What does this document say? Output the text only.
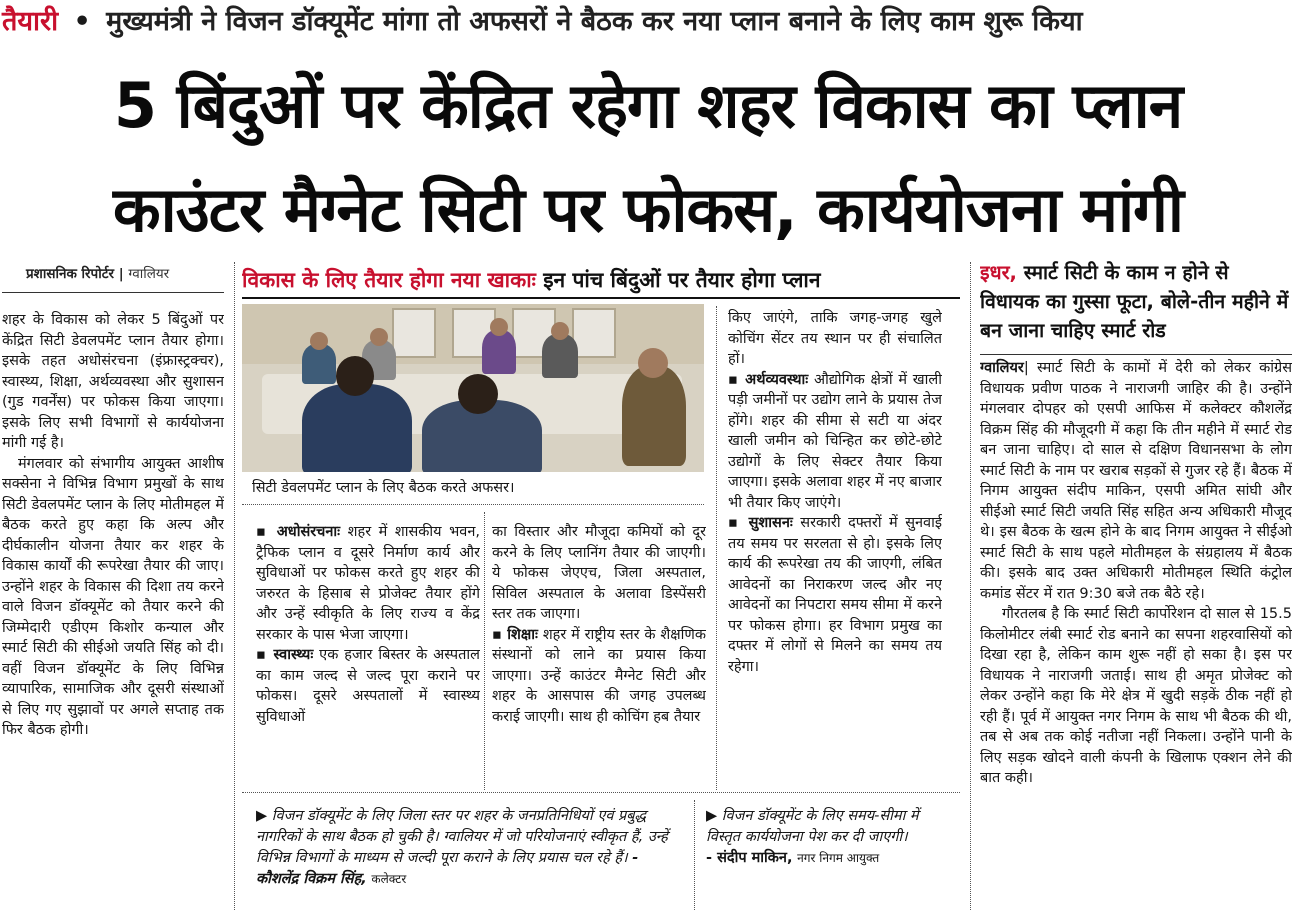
तैयारी • मुख्यमंत्री ने विजन डॉक्यूमेंट मांगा तो अफसरों ने बैठक कर नया प्लान बनाने के लिए काम शुरू किया
5 बिंदुओं पर केंद्रित रहेगा शहर विकास का प्लान
काउंटर मैग्नेट सिटी पर फोकस, कार्ययोजना मांगी
प्रशासनिक रिपोर्टर | ग्वालियर

शहर के विकास को लेकर 5 बिंदुओं पर केंद्रित सिटी डेवलपमेंट प्लान तैयार होगा। इसके तहत अधोसंरचना (इंफ्रास्ट्रक्चर), स्वास्थ्य, शिक्षा, अर्थव्यवस्था और सुशासन (गुड गवर्नेंस) पर फोकस किया जाएगा। इसके लिए सभी विभागों से कार्ययोजना मांगी गई है।

मंगलवार को संभागीय आयुक्त आशीष सक्सेना ने विभिन्न विभाग प्रमुखों के साथ सिटी डेवलपमेंट प्लान के लिए मोतीमहल में बैठक करते हुए कहा कि अल्प और दीर्घकालीन योजना तैयार कर शहर के विकास कार्यों की रूपरेखा तैयार की जाए। उन्होंने शहर के विकास की दिशा तय करने वाले विजन डॉक्यूमेंट को तैयार करने की जिम्मेदारी एडीएम किशोर कन्याल और स्मार्ट सिटी की सीईओ जयति सिंह को दी। वहीं विजन डॉक्यूमेंट के लिए विभिन्न व्यापारिक, सामाजिक और दूसरी संस्थाओं से लिए गए सुझावों पर अगले सप्ताह तक फिर बैठक होगी।

विकास के लिए तैयार होगा नया खाकाः इन पांच बिंदुओं पर तैयार होगा प्लान
सिटी डेवलपमेंट प्लान के लिए बैठक करते अफसर।

▪ अधोसंरचनाः शहर में शासकीय भवन, ट्रैफिक प्लान व दूसरे निर्माण कार्य और सुविधाओं पर फोकस करते हुए शहर की जरुरत के हिसाब से प्रोजेक्ट तैयार होंगे और उन्हें स्वीकृति के लिए राज्य व केंद्र सरकार के पास भेजा जाएगा।

▪ स्वास्थ्यः एक हजार बिस्तर के अस्पताल का काम जल्द से जल्द पूरा कराने पर फोकस। दूसरे अस्पतालों में स्वास्थ्य सुविधाओं

का विस्तार और मौजूदा कमियों को दूर करने के लिए प्लानिंग तैयार की जाएगी। ये फोकस जेएएच, जिला अस्पताल, सिविल अस्पताल के अलावा डिस्पेंसरी स्तर तक जाएगा।

▪ शिक्षाः शहर में राष्ट्रीय स्तर के शैक्षणिक संस्थानों को लाने का प्रयास किया जाएगा। उन्हें काउंटर मैग्नेट सिटी और शहर के आसपास की जगह उपलब्ध कराई जाएगी। साथ ही कोचिंग हब तैयार

किए जाएंगे, ताकि जगह-जगह खुले कोचिंग सेंटर तय स्थान पर ही संचालित हों।

▪ अर्थव्यवस्थाः औद्योगिक क्षेत्रों में खाली पड़ी जमीनों पर उद्योग लाने के प्रयास तेज होंगे। शहर की सीमा से सटी या अंदर खाली जमीन को चिन्हित कर छोटे-छोटे उद्योगों के लिए सेक्टर तैयार किया जाएगा। इसके अलावा शहर में नए बाजार भी तैयार किए जाएंगे।

▪ सुशासनः सरकारी दफ्तरों में सुनवाई तय समय पर सरलता से हो। इसके लिए कार्य की रूपरेखा तय की जाएगी, लंबित आवेदनों का निराकरण जल्द और नए आवेदनों का निपटारा समय सीमा में करने पर फोकस होगा। हर विभाग प्रमुख का दफ्तर में लोगों से मिलने का समय तय रहेगा।

▶ विजन डॉक्यूमेंट के लिए जिला स्तर पर शहर के जनप्रतिनिधियों एवं प्रबुद्ध नागरिकों के साथ बैठक हो चुकी है। ग्वालियर में जो परियोजनाएं स्वीकृत हैं, उन्हें विभिन्न विभागों के माध्यम से जल्दी पूरा कराने के लिए प्रयास चल रहे हैं। - कौशलेंद्र विक्रम सिंह, कलेक्टर
▶ विजन डॉक्यूमेंट के लिए समय-सीमा में विस्तृत कार्ययोजना पेश कर दी जाएगी।
- संदीप माकिन, नगर निगम आयुक्त
इधर, स्मार्ट सिटी के काम न होने से विधायक का गुस्सा फूटा, बोले-तीन महीने में बन जाना चाहिए स्मार्ट रोड

ग्वालियर| स्मार्ट सिटी के कामों में देरी को लेकर कांग्रेस विधायक प्रवीण पाठक ने नाराजगी जाहिर की है। उन्होंने मंगलवार दोपहर को एसपी आफिस में कलेक्टर कौशलेंद्र विक्रम सिंह की मौजूदगी में कहा कि तीन महीने में स्मार्ट रोड बन जाना चाहिए। दो साल से दक्षिण विधानसभा के लोग स्मार्ट सिटी के नाम पर खराब सड़कों से गुजर रहे हैं। बैठक में निगम आयुक्त संदीप माकिन, एसपी अमित सांघी और सीईओ स्मार्ट सिटी जयति सिंह सहित अन्य अधिकारी मौजूद थे। इस बैठक के खत्म होने के बाद निगम आयुक्त ने सीईओ स्मार्ट सिटी के साथ पहले मोतीमहल के संग्रहालय में बैठक की। इसके बाद उक्त अधिकारी मोतीमहल स्थिति कंट्रोल कमांड सेंटर में रात 9:30 बजे तक बैठे रहे।

गौरतलब है कि स्मार्ट सिटी कार्पोरेशन दो साल से 15.5 किलोमीटर लंबी स्मार्ट रोड बनाने का सपना शहरवासियों को दिखा रहा है, लेकिन काम शुरू नहीं हो सका है। इस पर विधायक ने नाराजगी जताई। साथ ही अमृत प्रोजेक्ट को लेकर उन्होंने कहा कि मेरे क्षेत्र में खुदी सड़कें ठीक नहीं हो रही हैं। पूर्व में आयुक्त नगर निगम के साथ भी बैठक की थी, तब से अब तक कोई नतीजा नहीं निकला। उन्होंने पानी के लिए सड़क खोदने वाली कंपनी के खिलाफ एक्शन लेने की बात कही।
